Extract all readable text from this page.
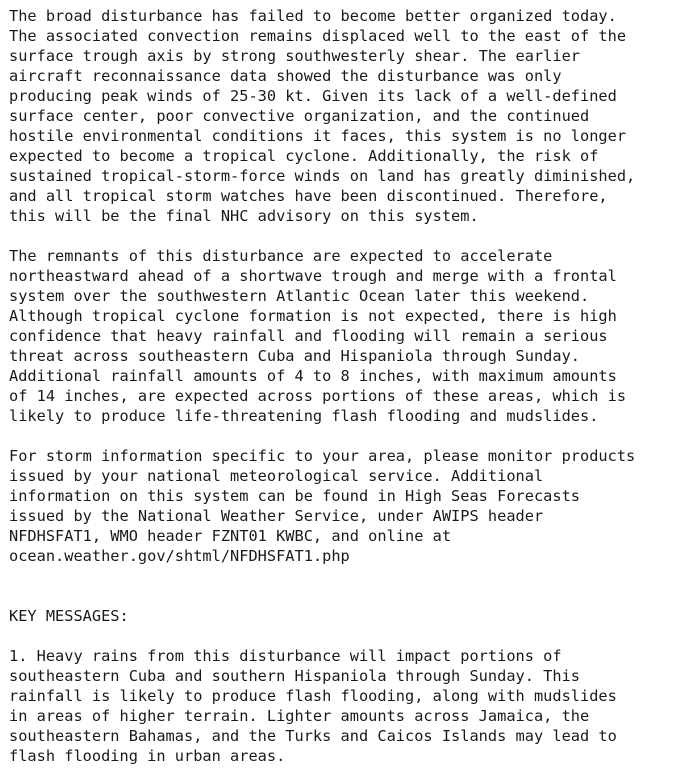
The broad disturbance has failed to become better organized today.
The associated convection remains displaced well to the east of the
surface trough axis by strong southwesterly shear. The earlier
aircraft reconnaissance data showed the disturbance was only
producing peak winds of 25-30 kt. Given its lack of a well-defined
surface center, poor convective organization, and the continued
hostile environmental conditions it faces, this system is no longer
expected to become a tropical cyclone. Additionally, the risk of
sustained tropical-storm-force winds on land has greatly diminished,
and all tropical storm watches have been discontinued. Therefore,
this will be the final NHC advisory on this system.

The remnants of this disturbance are expected to accelerate
northeastward ahead of a shortwave trough and merge with a frontal
system over the southwestern Atlantic Ocean later this weekend.
Although tropical cyclone formation is not expected, there is high
confidence that heavy rainfall and flooding will remain a serious
threat across southeastern Cuba and Hispaniola through Sunday.
Additional rainfall amounts of 4 to 8 inches, with maximum amounts
of 14 inches, are expected across portions of these areas, which is
likely to produce life-threatening flash flooding and mudslides.

For storm information specific to your area, please monitor products
issued by your national meteorological service. Additional
information on this system can be found in High Seas Forecasts
issued by the National Weather Service, under AWIPS header
NFDHSFAT1, WMO header FZNT01 KWBC, and online at
ocean.weather.gov/shtml/NFDHSFAT1.php

KEY MESSAGES:

1. Heavy rains from this disturbance will impact portions of
southeastern Cuba and southern Hispaniola through Sunday. This
rainfall is likely to produce flash flooding, along with mudslides
in areas of higher terrain. Lighter amounts across Jamaica, the
southeastern Bahamas, and the Turks and Caicos Islands may lead to
flash flooding in urban areas.
